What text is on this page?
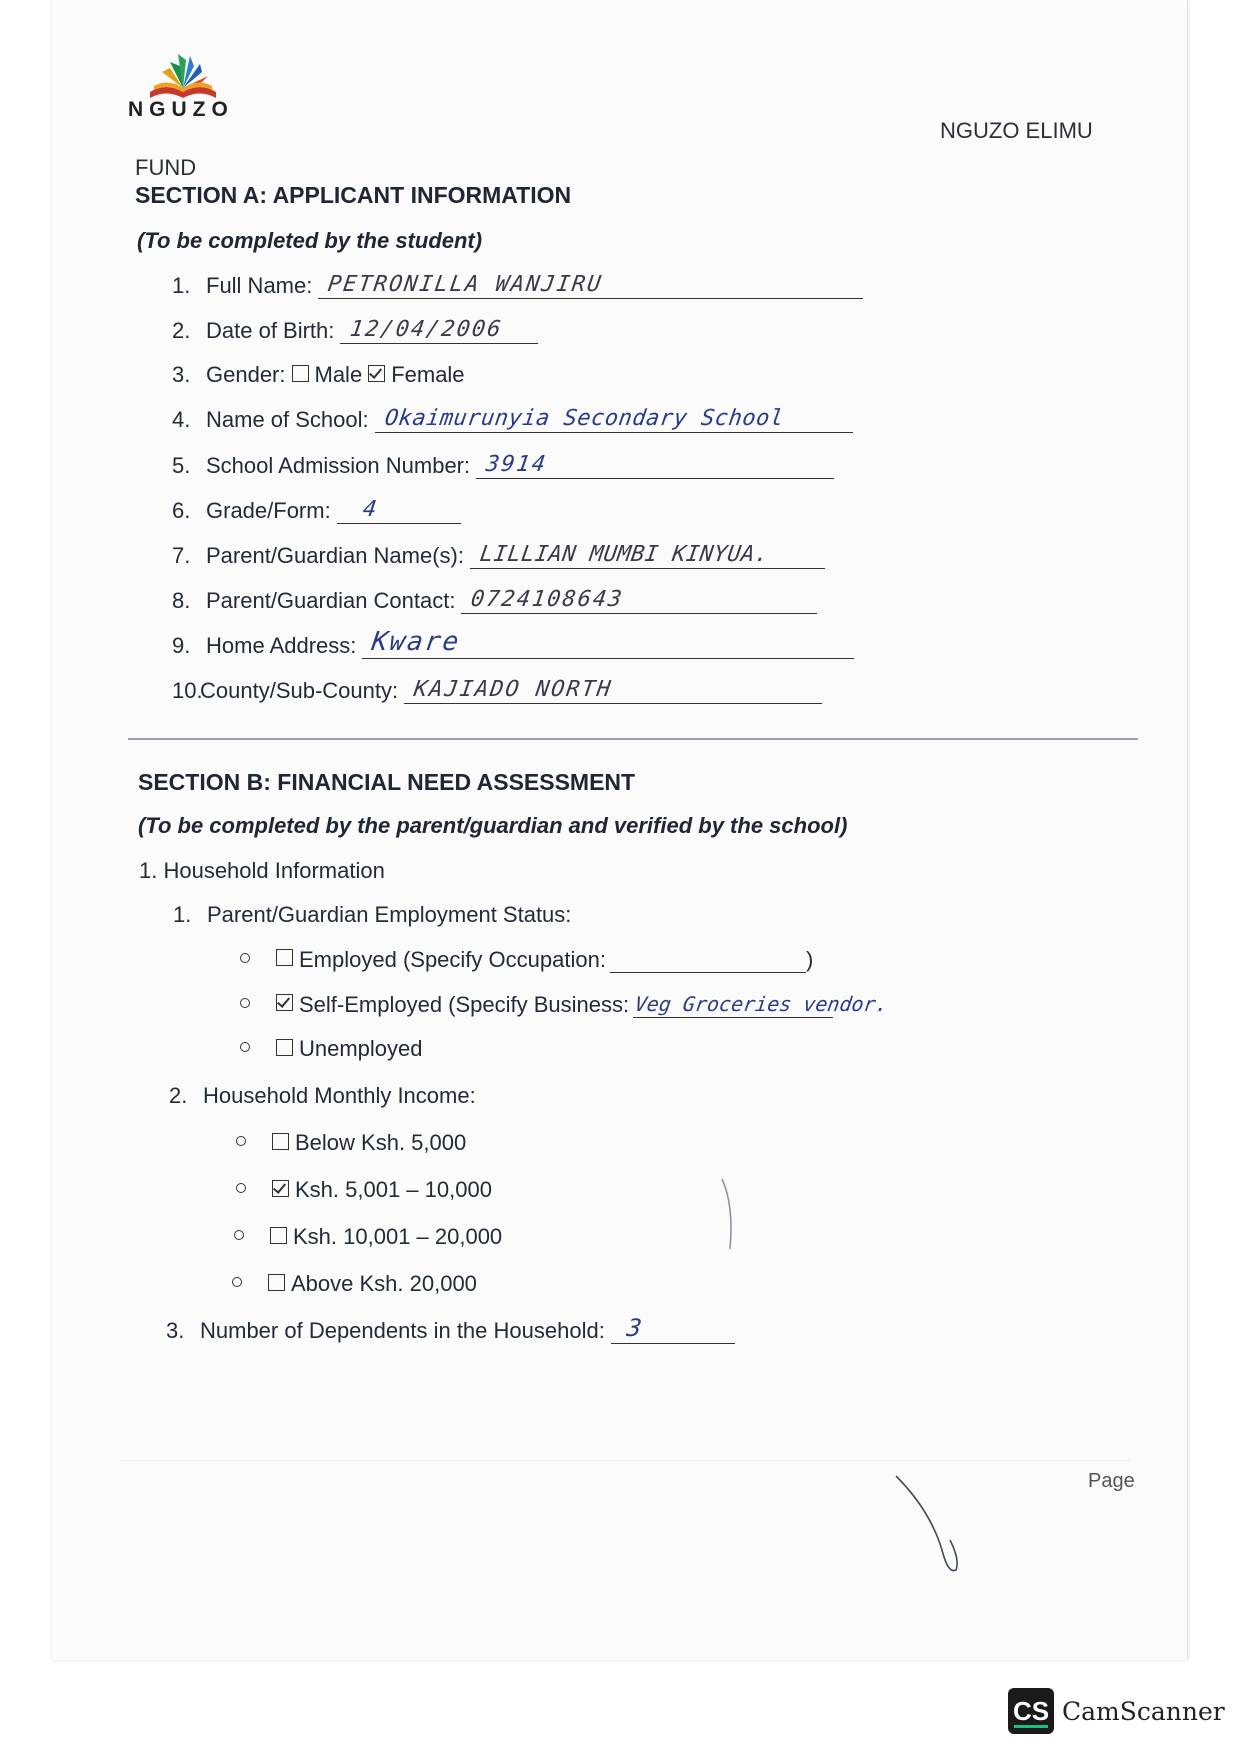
NGUZO
NGUZO ELIMU
FUND
SECTION A: APPLICANT INFORMATION
(To be completed by the student)
1. Full Name: PETRONILLA WANJIRU
2. Date of Birth: 12/04/2006
3. Gender: Male Female
4. Name of School: Okaimurunyia Secondary School
5. School Admission Number: 3914
6. Grade/Form: 4
7. Parent/Guardian Name(s): LILLIAN MUMBI KINYUA.
8. Parent/Guardian Contact: 0724108643
9. Home Address: Kware
10.
County/Sub-County: KAJIADO NORTH
SECTION B: FINANCIAL NEED ASSESSMENT
(To be completed by the parent/guardian and verified by the school)
1. Household Information
1. Parent/Guardian Employment Status:
Employed (Specify Occupation:	)
Self-Employed (Specify Business: Veg Groceries vendor.
Unemployed
2. Household Monthly Income:
Below Ksh. 5,000
Ksh. 5,001 – 10,000
Ksh. 10,001 – 20,000
Above Ksh. 20,000
3. Number of Dependents in the Household: 3
Page
CS CamScanner
